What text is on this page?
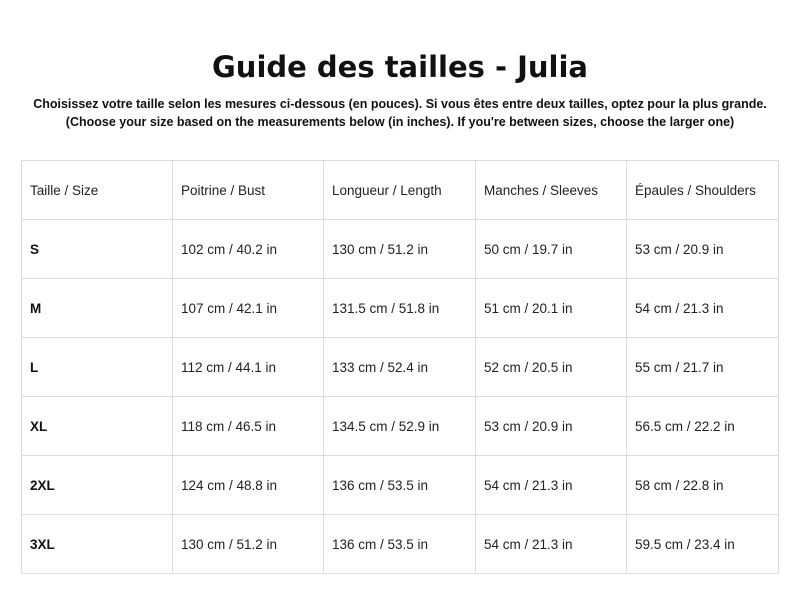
Guide des tailles - Julia
Choisissez votre taille selon les mesures ci-dessous (en pouces). Si vous êtes entre deux tailles, optez pour la plus grande.
(Choose your size based on the measurements below (in inches). If you're between sizes, choose the larger one)
Taille / Size	Poitrine / Bust	Longueur / Length	Manches / Sleeves	Épaules / Shoulders
S	102 cm / 40.2 in	130 cm / 51.2 in	50 cm / 19.7 in	53 cm / 20.9 in
M	107 cm / 42.1 in	131.5 cm / 51.8 in	51 cm / 20.1 in	54 cm / 21.3 in
L	112 cm / 44.1 in	133 cm / 52.4 in	52 cm / 20.5 in	55 cm / 21.7 in
XL	118 cm / 46.5 in	134.5 cm / 52.9 in	53 cm / 20.9 in	56.5 cm / 22.2 in
2XL	124 cm / 48.8 in	136 cm / 53.5 in	54 cm / 21.3 in	58 cm / 22.8 in
3XL	130 cm / 51.2 in	136 cm / 53.5 in	54 cm / 21.3 in	59.5 cm / 23.4 in
